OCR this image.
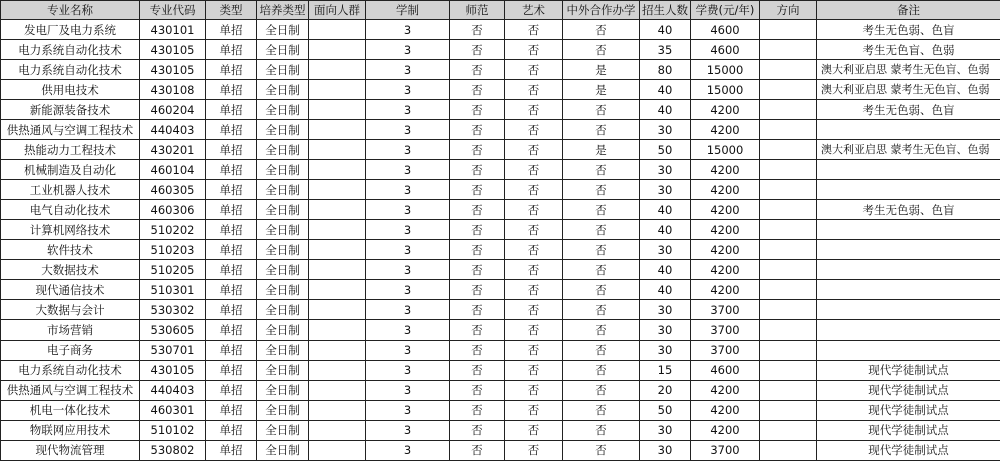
专业名称	专业代码	类型	培养类型	面向人群	学制	师范	艺术	中外合作办学	招生人数	学费(元/年)	方向	备注
发电厂及电力系统	430101	单招	全日制		3	否	否	否	40	4600		考生无色弱、色盲
电力系统自动化技术	430105	单招	全日制		3	否	否	否	35	4600		考生无色盲、色弱
电力系统自动化技术	430105	单招	全日制		3	否	否	是	80	15000		澳大利亚启思 蒙考生无色盲、色弱
供用电技术	430108	单招	全日制		3	否	否	是	40	15000		澳大利亚启思 蒙考生无色盲、色弱
新能源装备技术	460204	单招	全日制		3	否	否	否	40	4200		考生无色弱、色盲
供热通风与空调工程技术	440403	单招	全日制		3	否	否	否	30	4200		
热能动力工程技术	430201	单招	全日制		3	否	否	是	50	15000		澳大利亚启思 蒙考生无色盲、色弱
机械制造及自动化	460104	单招	全日制		3	否	否	否	30	4200		
工业机器人技术	460305	单招	全日制		3	否	否	否	30	4200		
电气自动化技术	460306	单招	全日制		3	否	否	否	40	4200		考生无色弱、色盲
计算机网络技术	510202	单招	全日制		3	否	否	否	40	4200		
软件技术	510203	单招	全日制		3	否	否	否	30	4200		
大数据技术	510205	单招	全日制		3	否	否	否	40	4200		
现代通信技术	510301	单招	全日制		3	否	否	否	40	4200		
大数据与会计	530302	单招	全日制		3	否	否	否	30	3700		
市场营销	530605	单招	全日制		3	否	否	否	30	3700		
电子商务	530701	单招	全日制		3	否	否	否	30	3700		
电力系统自动化技术	430105	单招	全日制		3	否	否	否	15	4600		现代学徒制试点
供热通风与空调工程技术	440403	单招	全日制		3	否	否	否	20	4200		现代学徒制试点
机电一体化技术	460301	单招	全日制		3	否	否	否	50	4200		现代学徒制试点
物联网应用技术	510102	单招	全日制		3	否	否	否	30	4200		现代学徒制试点
现代物流管理	530802	单招	全日制		3	否	否	否	30	3700		现代学徒制试点
